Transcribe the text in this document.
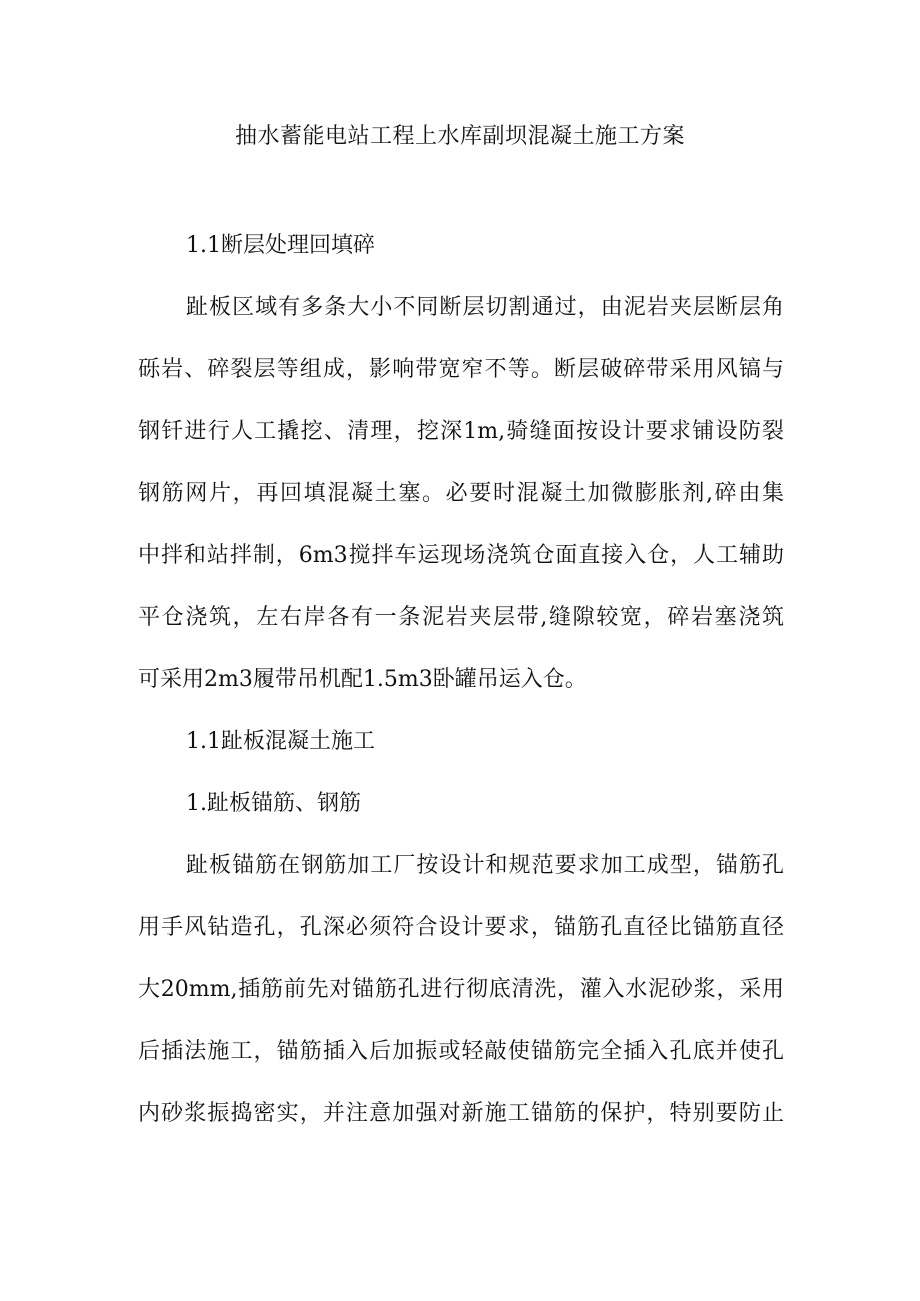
抽水蓄能电站工程上水库副坝混凝土施工方案
1.1断层处理回填碎
趾板区域有多条大小不同断层切割通过，由泥岩夹层断层角
砾岩、碎裂层等组成，影响带宽窄不等。断层破碎带采用风镐与
钢钎进行人工撬挖、清理，挖深1m,骑缝面按设计要求铺设防裂
钢筋网片，再回填混凝土塞。必要时混凝土加微膨胀剂,碎由集
中拌和站拌制，6m3搅拌车运现场浇筑仓面直接入仓，人工辅助
平仓浇筑，左右岸各有一条泥岩夹层带,缝隙较宽，碎岩塞浇筑
可采用2m3履带吊机配1.5m3卧罐吊运入仓。
1.1趾板混凝土施工
1.趾板锚筋、钢筋
趾板锚筋在钢筋加工厂按设计和规范要求加工成型，锚筋孔
用手风钻造孔，孔深必须符合设计要求，锚筋孔直径比锚筋直径
大20mm,插筋前先对锚筋孔进行彻底清洗，灌入水泥砂浆，采用
后插法施工，锚筋插入后加振或轻敲使锚筋完全插入孔底并使孔
内砂浆振捣密实，并注意加强对新施工锚筋的保护，特别要防止
